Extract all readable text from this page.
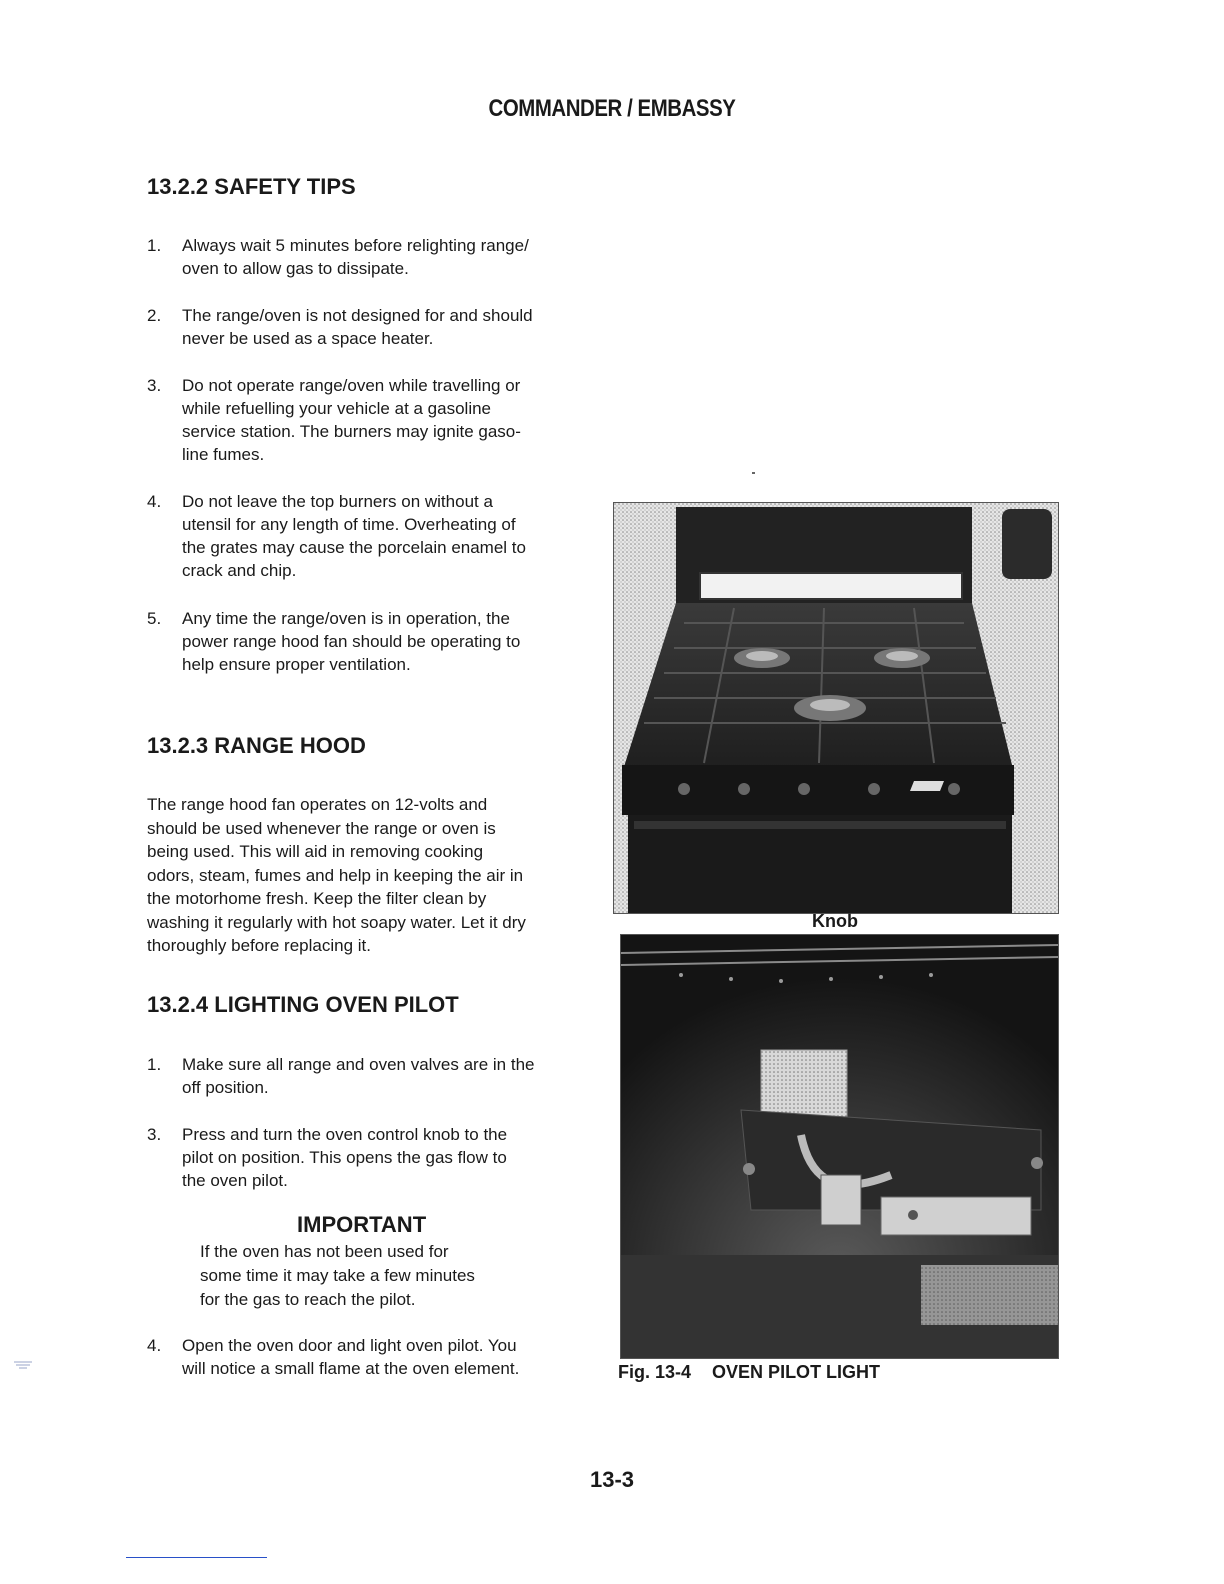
COMMANDER / EMBASSY
13.2.2 SAFETY TIPS
1.	Always wait 5 minutes before relighting range/
oven to allow gas to dissipate.
2.	The range/oven is not designed for and should
never be used as a space heater.
3.	Do not operate range/oven while travelling or
while refuelling your vehicle at a gasoline
service station. The burners may ignite gaso-
line fumes.
4.	Do not leave the top burners on without a
utensil for any length of time. Overheating of
the grates may cause the porcelain enamel to
crack and chip.
5.	Any time the range/oven is in operation, the
power range hood fan should be operating to
help ensure proper ventilation.
13.2.3 RANGE HOOD
The range hood fan operates on 12-volts and
should be used whenever the range or oven is
being used. This will aid in removing cooking
odors, steam, fumes and help in keeping the air in
the motorhome fresh. Keep the filter clean by
washing it regularly with hot soapy water. Let it dry
thoroughly before replacing it.
13.2.4 LIGHTING OVEN PILOT
1.	Make sure all range and oven valves are in the
off position.
3.	Press and turn the oven control knob to the
pilot on position. This opens the gas flow to
the oven pilot.
IMPORTANT
If the oven has not been used for
some time it may take a few minutes
for the gas to reach the pilot.
4.	Open the oven door and light oven pilot. You
will notice a small flame at the oven element.
Knob
Fig. 13-4 OVEN PILOT LIGHT
13-3
